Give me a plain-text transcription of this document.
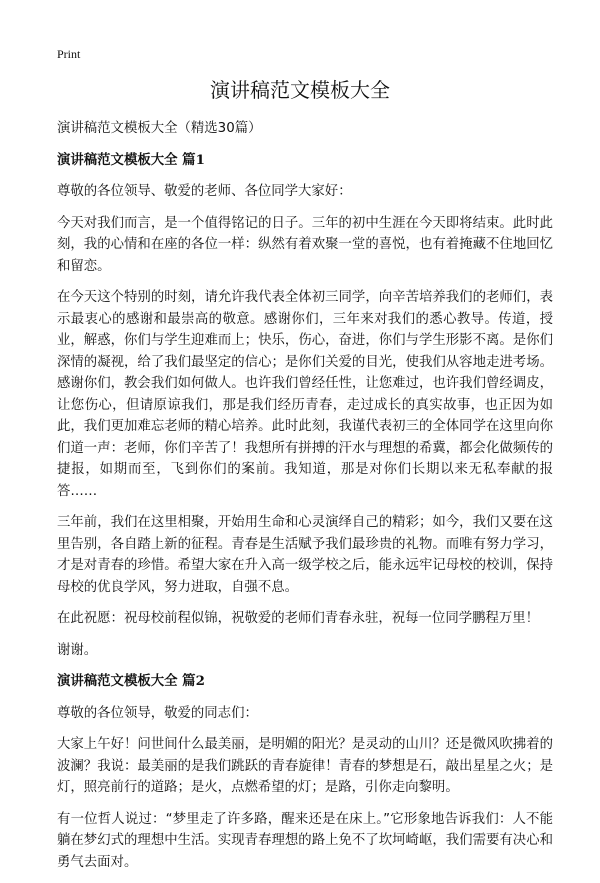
Print
演讲稿范文模板大全

演讲稿范文模板大全（精选30篇）

演讲稿范文模板大全 篇1

尊敬的各位领导、敬爱的老师、各位同学大家好：

今天对我们而言，是一个值得铭记的日子。三年的初中生涯在今天即将结束。此时此刻，我的心情和在座的各位一样：纵然有着欢聚一堂的喜悦，也有着掩藏不住地回忆和留恋。

在今天这个特别的时刻，请允许我代表全体初三同学，向辛苦培养我们的老师们，表示最衷心的感谢和最崇高的敬意。感谢你们，三年来对我们的悉心教导。传道，授业，解惑，你们与学生迎难而上；快乐，伤心，奋进，你们与学生形影不离。是你们深情的凝视，给了我们最坚定的信心；是你们关爱的目光，使我们从容地走进考场。感谢你们，教会我们如何做人。也许我们曾经任性，让您难过，也许我们曾经调皮，让您伤心，但请原谅我们，那是我们经历青春，走过成长的真实故事，也正因为如此，我们更加难忘老师的精心培养。此时此刻，我谨代表初三的全体同学在这里向你们道一声：老师，你们辛苦了！我想所有拼搏的汗水与理想的希冀，都会化做频传的捷报，如期而至，飞到你们的案前。我知道，那是对你们长期以来无私奉献的报答……

三年前，我们在这里相聚，开始用生命和心灵演绎自己的精彩；如今，我们又要在这里告别，各自踏上新的征程。青春是生活赋予我们最珍贵的礼物。而唯有努力学习，才是对青春的珍惜。希望大家在升入高一级学校之后，能永远牢记母校的校训，保持母校的优良学风，努力进取，自强不息。

在此祝愿：祝母校前程似锦，祝敬爱的老师们青春永驻，祝每一位同学鹏程万里！

谢谢。

演讲稿范文模板大全 篇2

尊敬的各位领导，敬爱的同志们：

大家上午好！问世间什么最美丽，是明媚的阳光？是灵动的山川？还是微风吹拂着的波澜？我说：最美丽的是我们跳跃的青春旋律！青春的梦想是石，敲出星星之火；是灯，照亮前行的道路；是火，点燃希望的灯；是路，引你走向黎明。

有一位哲人说过：“梦里走了许多路，醒来还是在床上。”它形象地告诉我们：人不能躺在梦幻式的理想中生活。实现青春理想的路上免不了坎坷崎岖，我们需要有决心和勇气去面对。
